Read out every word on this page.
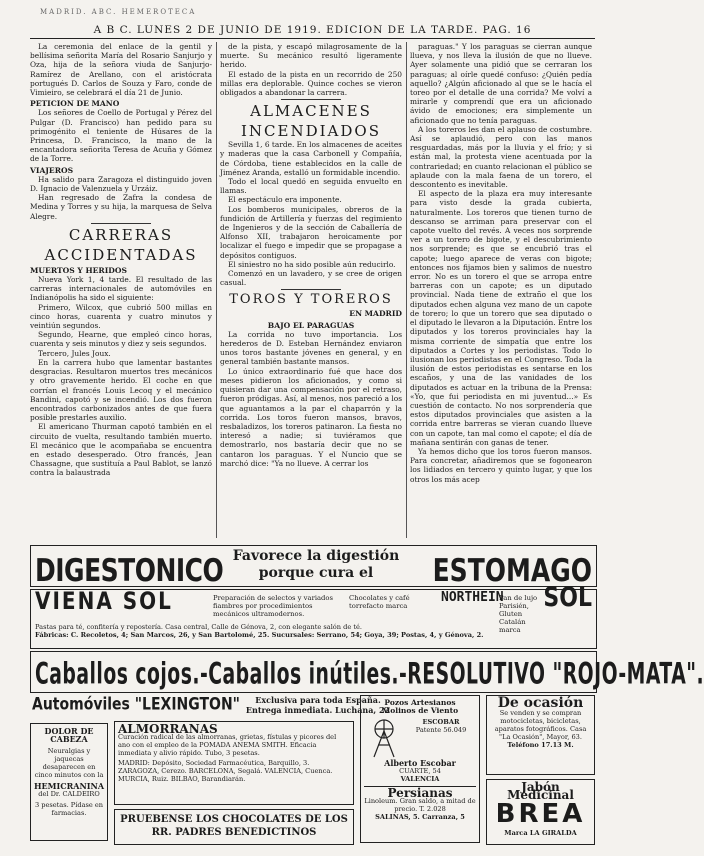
MADRID. ABC. HEMEROTECA
A B C. LUNES 2 DE JUNIO DE 1919. EDICION DE LA TARDE. PAG. 16

La ceremonia del enlace de la gentil y bellísima señorita María del Rosario Sanjurjo y Oza, hija de la señora viuda de Sanjurjo-Ramírez de Arellano, con el aristócrata portugués D. Carlos de Souza y Faro, conde de Vimieiro, se celebrará el día 21 de Junio.

PETICION DE MANO

Los señores de Coello de Portugal y Pérez del Pulgar (D. Francisco) han pedido para su primogénito el teniente de Húsares de la Princesa, D. Francisco, la mano de la encantadora señorita Teresa de Acuña y Gómez de la Torre.

VIAJEROS

Ha salido para Zaragoza el distinguido joven D. Ignacio de Valenzuela y Urzáiz.

Han regresado de Zafra la condesa de Medina y Torres y su hija, la marquesa de Selva Alegre.

CARRERAS
ACCIDENTADAS
MUERTOS Y HERIDOS

Nueva York 1, 4 tarde. El resultado de las carreras internacionales de automóviles en Indianópolis ha sido el siguiente:

Primero, Wilcox, que cubrió 500 millas en cinco horas, cuarenta y cuatro minutos y veintiún segundos.

Segundo, Hearne, que empleó cinco horas, cuarenta y seis minutos y diez y seis segundos.

Tercero, Jules Joux.

En la carrera hubo que lamentar bastantes desgracias. Resultaron muertos tres mecánicos y otro gravemente herido. El coche en que corrían el francés Louis Lecoq y el mecánico Bandini, capotó y se incendió. Los dos fueron encontrados carbonizados antes de que fuera posible prestarles auxilio.

El americano Thurman capotó también en el circuito de vuelta, resultando también muerto. El mecánico que le acompañaba se encuentra en estado desesperado. Otro francés, Jean Chassagne, que sustituía a Paul Bablot, se lanzó contra la balaustrada

de la pista, y escapó milagrosamente de la muerte. Su mecánico resultó ligeramente herido.

El estado de la pista en un recorrido de 250 millas era deplorable. Quince coches se vieron obligados a abandonar la carrera.

ALMACENES
INCENDIADOS

Sevilla 1, 6 tarde. En los almacenes de aceites y maderas que la casa Carbonell y Compañía, de Córdoba, tiene establecidos en la calle de Jiménez Aranda, estalló un formidable incendio.

Todo el local quedó en seguida envuelto en llamas.

El espectáculo era imponente.

Los bomberos municipales, obreros de la fundición de Artillería y fuerzas del regimiento de Ingenieros y de la sección de Caballería de Alfonso XII, trabajaron heroicamente por localizar el fuego e impedir que se propagase a depósitos contiguos.

El siniestro no ha sido posible aún reducirlo.

Comenzó en un lavadero, y se cree de origen casual.

TOROS Y TOREROS
EN MADRID
BAJO EL PARAGUAS

La corrida no tuvo importancia. Los herederos de D. Esteban Hernández enviaron unos toros bastante jóvenes en general, y en general también bastante mansos.

Lo único extraordinario fué que hace dos meses pidieron los aficionados, y como si quisieran dar una compensación por el retraso, fueron pródigas. Así, al menos, nos pareció a los que aguantamos a la par el chaparrón y la corrida. Los toros fueron mansos, bravos, resbaladizos, los toreros patinaron. La fiesta no interesó a nadie; si tuviéramos que demostrarlo, nos bastaría decir que no se cantaron los paraguas. Y el Nuncio que se marchó dice: "Ya no llueve. A cerrar los

paraguas." Y los paraguas se cierran aunque llueva, y nos lleva la ilusión de que no llueve. Ayer solamente una pidió que se cerraran los paraguas; al oírle quedé confuso: ¿Quién pedía aquello? ¿Algún aficionado al que se le hacía el toreo por el detalle de una corrida? Me volví a mirarle y comprendí que era un aficionado ávido de emociones; era simplemente un aficionado que no tenía paraguas.

A los toreros les dan el aplauso de costumbre. Así se aplaudió, pero con las manos resguardadas, más por la lluvia y el frío; y si están mal, la protesta viene acentuada por la contrariedad; en cuanto relacionan el público se aplaude con la mala faena de un torero, el descontento es inevitable.

El aspecto de la plaza era muy interesante para visto desde la grada cubierta, naturalmente. Los toreros que tienen turno de descanso se arriman para preservar con el capote vuelto del revés. A veces nos sorprende ver a un torero de bigote, y el descubrimiento nos sorprende; es que se encubrió tras el capote; luego aparece de veras con bigote; entonces nos fijamos bien y salimos de nuestro error. No es un torero el que se arropa entre barreras con un capote; es un diputado provincial. Nada tiene de extraño el que los diputados echen alguna vez mano de un capote de torero; lo que un torero que sea diputado o el diputado le llevaron a la Diputación. Entre los diputados y los toreros provinciales hay la misma corriente de simpatía que entre los diputados a Cortes y los periodistas. Todo lo ilusionan los periodistas en el Congreso. Toda la ilusión de estos periodistas es sentarse en los escaños, y una de las vanidades de los diputados es actuar en la tribuna de la Prensa: «Yo, que fui periodista en mi juventud...» Es cuestión de contacto. No nos sorprendería que estos diputados provinciales que asisten a la corrida entre barreras se vieran cuando llueve con un capote, tan mal como el capote; el día de mañana sentirán con ganas de tener.

Ya hemos dicho que los toros fueron mansos. Para concretar, añadiremos que se fogonearon los lidiados en tercero y quinto lugar, y que los otros los más acep

DIGESTONICO Favorece la digestión
porque cura el	ESTOMAGO
VIENA SOL	Preparación de selectos y variados fiambres por procedimientos mecánicos ultramodernos.
Chocolates y café torrefacto marca
NORTHEIN
Pan de lujo Parisién, Gluten Catalán marca
SOL
Pastas para té, confitería y repostería. Casa central, Calle de Génova, 2, con elegante salón de té.
Fábricas: C. Recoletos, 4; San Marcos, 26, y San Bartolomé, 25. Sucursales: Serrano, 54; Goya, 39; Postas, 4, y Génova, 2.
Caballos cojos.-Caballos inútiles.-RESOLUTIVO "ROJO-MATA".
Automóviles "LEXINGTON"	Exclusiva para toda España.
Entrega inmediata. Luchana, 22
DOLOR DE CABEZA
Neuralgias y jaquecas desaparecen en cinco minutos con la
HEMICRANINA
del Dr. CALDEIRO
3 pesetas. Pídase en farmacias.
ALMORRANAS
Curación radical de las almorranas, grietas, fístulas y picores del ano con el empleo de la POMADA ANEMA SMITH. Eficacia inmediata y alivio rápido. Tubo, 3 pesetas.
MADRID: Depósito, Sociedad Farmacéutica, Barquillo, 3. ZARAGOZA, Cerezo. BARCELONA, Segalá. VALENCIA, Cuenca. MURCIA, Ruiz. BILBAO, Barandiarán.
PRUEBENSE LOS CHOCOLATES DE LOS RR. PADRES BENEDICTINOS
Pozos Artesianos
Molinos de Viento
ESCOBAR
Patente 56.049
Alberto Escobar
CUARTE, 54
VALENCIA
Persianas
Linoleum. Gran saldo, a mitad de precio. T. 2.028
SALINAS, 5. Carranza, 5
De ocasión
Se venden y se compran motocicletas, bicicletas, aparatos fotográficos. Casa "La Ocasión", Mayor, 63.
Teléfono 17.13 M.
Jabón Medicinal
BREA
Marca LA GIRALDA
